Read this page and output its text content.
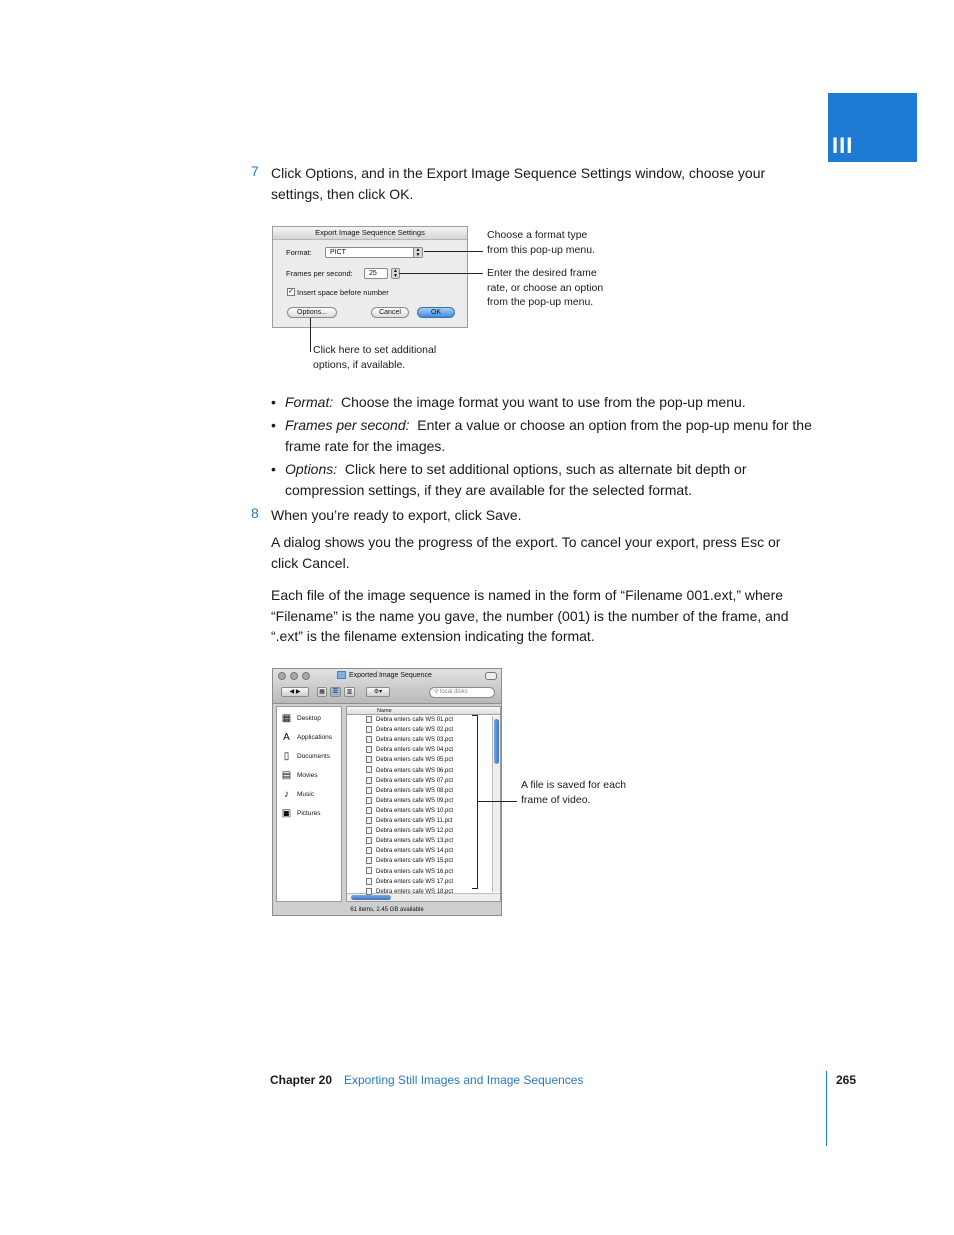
III
7 Click Options, and in the Export Image Sequence Settings window, choose your
settings, then click OK.
Export Image Sequence Settings
Format:	PICT	▲
▼
Frames per second:	25	▲
▼
✓ Insert space before number
Options...	Cancel	OK
Choose a format type
from this pop-up menu.
Enter the desired frame
rate, or choose an option
from the pop-up menu.
Click here to set additional
options, if available.
• Format: Choose the image format you want to use from the pop-up menu.
• Frames per second: Enter a value or choose an option from the pop-up menu for the
frame rate for the images.
• Options: Click here to set additional options, such as alternate bit depth or
compression settings, if they are available for the selected format.
8 When you’re ready to export, click Save.
A dialog shows you the progress of the export. To cancel your export, press Esc or
click Cancel.
Each file of the image sequence is named in the form of “Filename 001.ext,” where
“Filename” is the name you gave, the number (001) is the number of the frame, and
“.ext” is the filename extension indicating the format.
Exported Image Sequence
◀ ▶	▦	☰	▥	⚙▾	⚲ local disks
▦ Desktop
A Applications
▯ Documents
▤ Movies
♪ Music
▣ Pictures
Name
Debra enters cafe WS 01.pct
Debra enters cafe WS 02.pct
Debra enters cafe WS 03.pct
Debra enters cafe WS 04.pct
Debra enters cafe WS 05.pct
Debra enters cafe WS 06.pct
Debra enters cafe WS 07.pct
Debra enters cafe WS 08.pct
Debra enters cafe WS 09.pct
Debra enters cafe WS 10.pct
Debra enters cafe WS 11.pct
Debra enters cafe WS 12.pct
Debra enters cafe WS 13.pct
Debra enters cafe WS 14.pct
Debra enters cafe WS 15.pct
Debra enters cafe WS 16.pct
Debra enters cafe WS 17.pct
Debra enters cafe WS 18.pct
61 items, 2.45 GB available
A file is saved for each
frame of video.
Chapter 20 Exporting Still Images and Image Sequences	265
